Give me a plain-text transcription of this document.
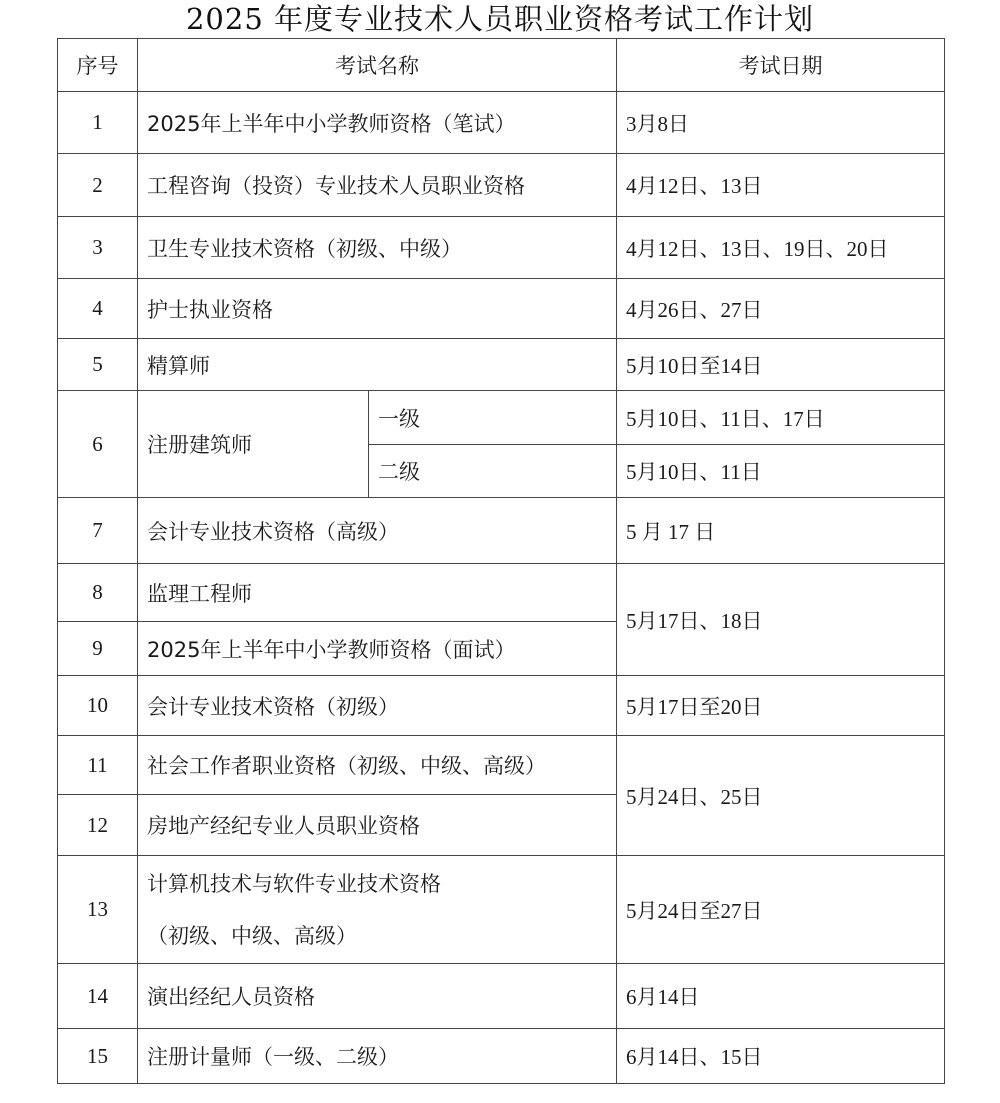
2025 年度专业技术人员职业资格考试工作计划
序号	考试名称		考试日期
1	2025年上半年中小学教师资格（笔试）		3月8日
2	工程咨询（投资）专业技术人员职业资格		4月12日、13日
3	卫生专业技术资格（初级、中级）		4月12日、13日、19日、20日
4	护士执业资格		4月26日、27日
5	精算师		5月10日至14日
6	注册建筑师	一级	5月10日、11日、17日
		二级	5月10日、11日
7	会计专业技术资格（高级）		5 月 17 日
8	监理工程师		5月17日、18日
9	2025年上半年中小学教师资格（面试）		
10	会计专业技术资格（初级）		5月17日至20日
11	社会工作者职业资格（初级、中级、高级）		5月24日、25日
12	房地产经纪专业人员职业资格		
13	计算机技术与软件专业技术资格
（初级、中级、高级）		5月24日至27日
14	演出经纪人员资格		6月14日
15	注册计量师（一级、二级）		6月14日、15日
